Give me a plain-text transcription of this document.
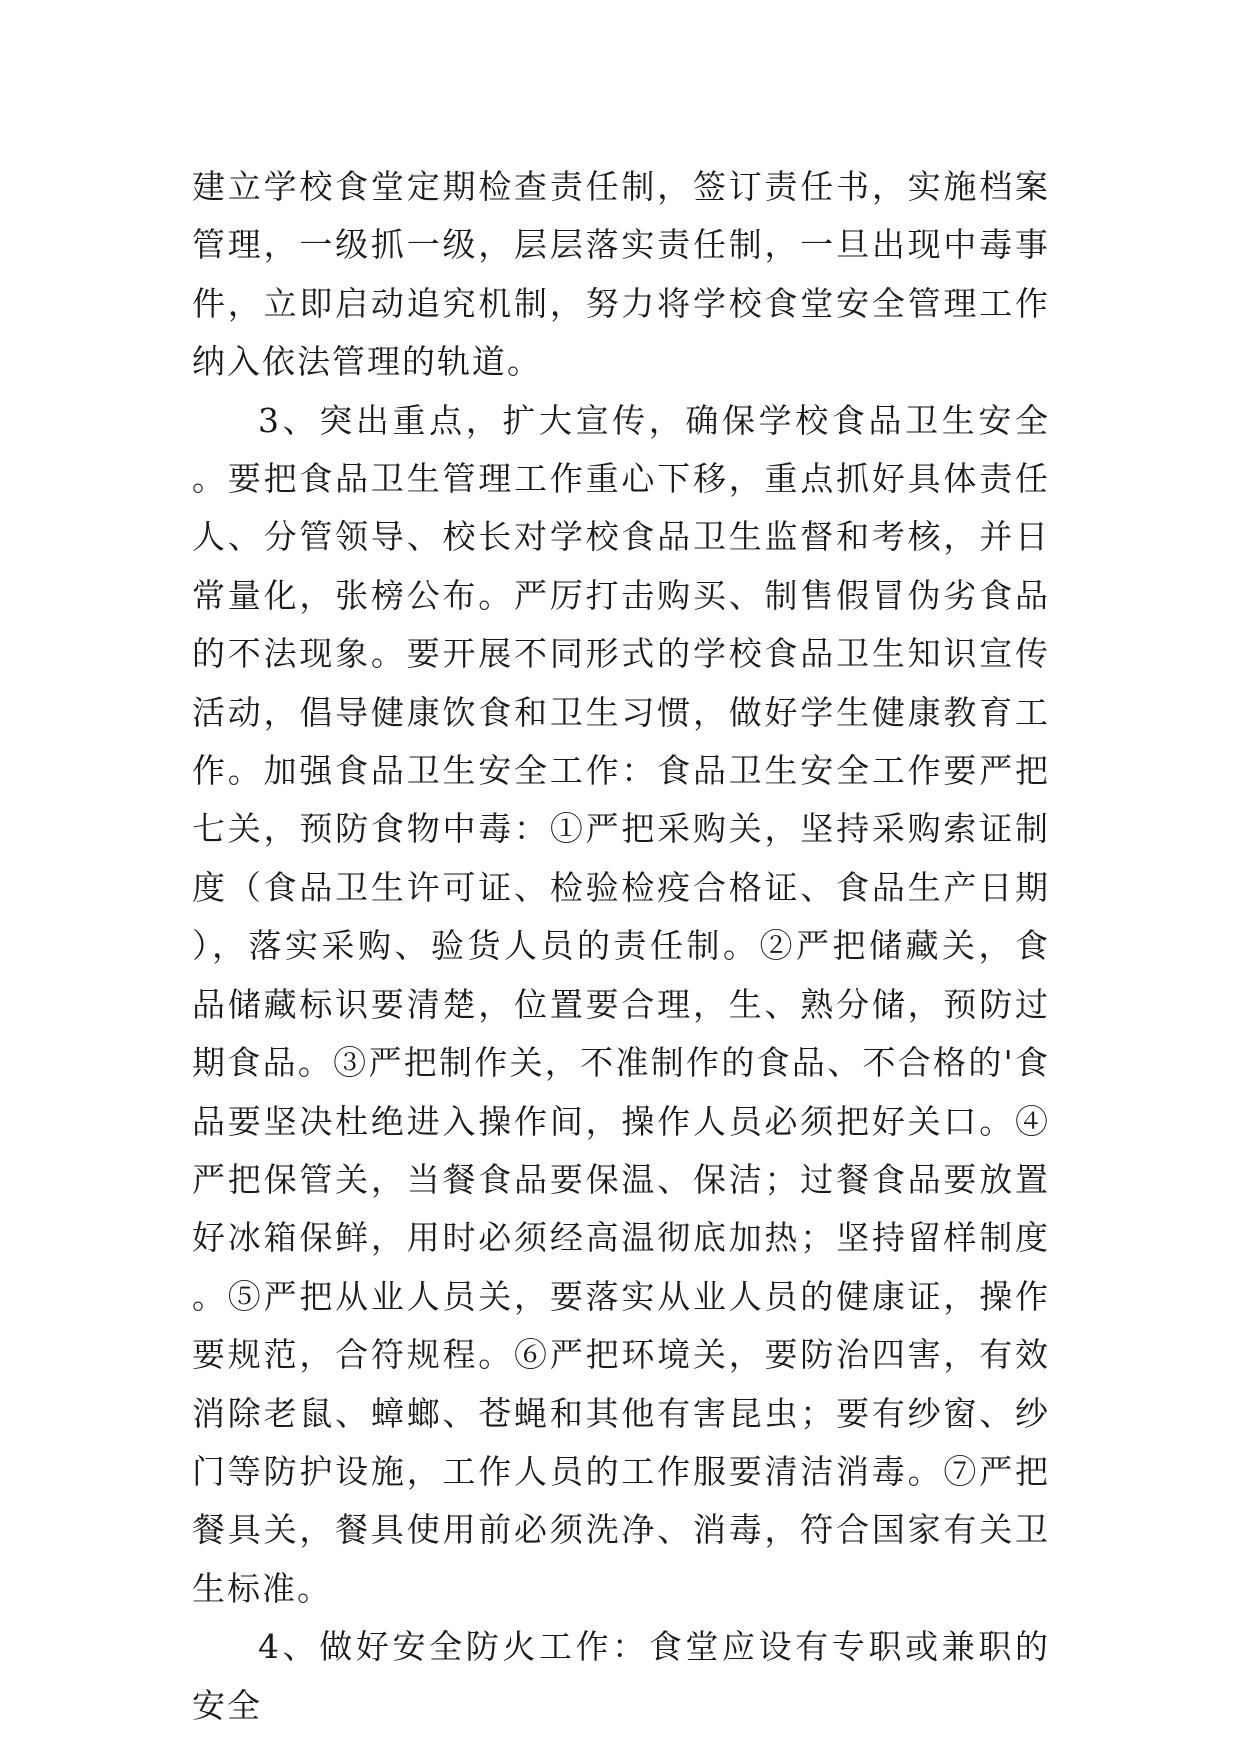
建立学校食堂定期检查责任制，签订责任书，实施档案管理，一级抓一级，层层落实责任制，一旦出现中毒事件，立即启动追究机制，努力将学校食堂安全管理工作纳入依法管理的轨道。

3、突出重点，扩大宣传，确保学校食品卫生安全。要把食品卫生管理工作重心下移，重点抓好具体责任人、分管领导、校长对学校食品卫生监督和考核，并日常量化，张榜公布。严厉打击购买、制售假冒伪劣食品的不法现象。要开展不同形式的学校食品卫生知识宣传活动，倡导健康饮食和卫生习惯，做好学生健康教育工作。加强食品卫生安全工作：食品卫生安全工作要严把七关，预防食物中毒：①严把采购关，坚持采购索证制度（食品卫生许可证、检验检疫合格证、食品生产日期），落实采购、验货人员的责任制。②严把储藏关，食品储藏标识要清楚，位置要合理，生、熟分储，预防过期食品。③严把制作关，不准制作的食品、不合格的'食品要坚决杜绝进入操作间，操作人员必须把好关口。④严把保管关，当餐食品要保温、保洁；过餐食品要放置好冰箱保鲜，用时必须经高温彻底加热；坚持留样制度。⑤严把从业人员关，要落实从业人员的健康证，操作要规范，合符规程。⑥严把环境关，要防治四害，有效消除老鼠、蟑螂、苍蝇和其他有害昆虫；要有纱窗、纱门等防护设施，工作人员的工作服要清洁消毒。⑦严把餐具关，餐具使用前必须洗净、消毒，符合国家有关卫生标准。

4、做好安全防火工作：食堂应设有专职或兼职的安全
